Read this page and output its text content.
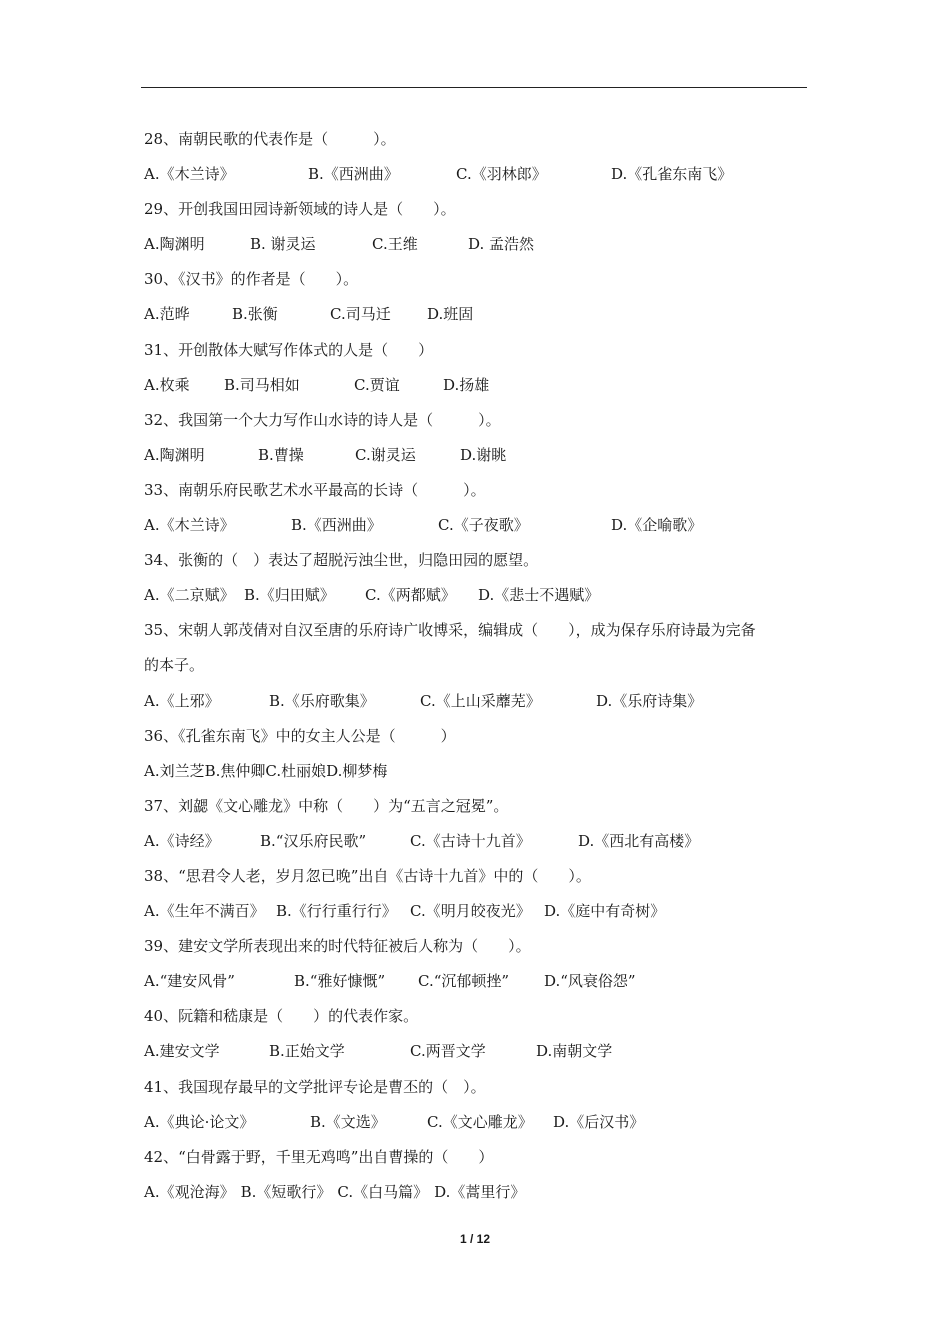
28、南朝民歌的代表作是（　　　）。
A.《木兰诗》	B.《西洲曲》	C.《羽林郎》	D.《孔雀东南飞》
29、开创我国田园诗新领域的诗人是（　　）。
A.陶渊明	B. 谢灵运	C.王维	D. 孟浩然
30、《汉书》的作者是（　　）。
A.范晔	B.张衡	C.司马迁 D.班固
31、开创散体大赋写作体式的人是（　　）
A.枚乘 B.司马相如	C.贾谊	D.扬雄
32、我国第一个大力写作山水诗的诗人是（　　　）。
A.陶渊明	B.曹操	C.谢灵运	D.谢眺
33、南朝乐府民歌艺术水平最高的长诗（　　　）。
A.《木兰诗》	B.《西洲曲》	C.《子夜歌》	D.《企喻歌》
34、张衡的（　）表达了超脱污浊尘世，归隐田园的愿望。
A.《二京赋》 B.《归田赋》 C.《两都赋》 D.《悲士不遇赋》
35、宋朝人郭茂倩对自汉至唐的乐府诗广收博采，编辑成（　　），成为保存乐府诗最为完备
的本子。
A.《上邪》	B.《乐府歌集》	C.《上山采蘼芜》	D.《乐府诗集》
36、《孔雀东南飞》中的女主人公是（　　　）
A.刘兰芝B.焦仲卿C.杜丽娘D.柳梦梅
37、刘勰《文心雕龙》中称（　　）为“五言之冠冕”。
A.《诗经》	B.“汉乐府民歌”	C.《古诗十九首》	D.《西北有高楼》
38、“思君令人老，岁月忽已晚”出自《古诗十九首》中的（　　）。
A.《生年不满百》 B.《行行重行行》 C.《明月皎夜光》 D.《庭中有奇树》
39、建安文学所表现出来的时代特征被后人称为（　　）。
A.“建安风骨”	B.“雅好慷慨” C.“沉郁顿挫” D.“风衰俗怨”
40、阮籍和嵇康是（　　）的代表作家。
A.建安文学	B.正始文学	C.两晋文学	D.南朝文学
41、我国现存最早的文学批评专论是曹丕的（　）。
A.《典论·论文》	B.《文选》	C.《文心雕龙》 D.《后汉书》
42、“白骨露于野，千里无鸡鸣”出自曹操的（　　）
A.《观沧海》 B.《短歌行》 C.《白马篇》 D.《蒿里行》
1 / 12
